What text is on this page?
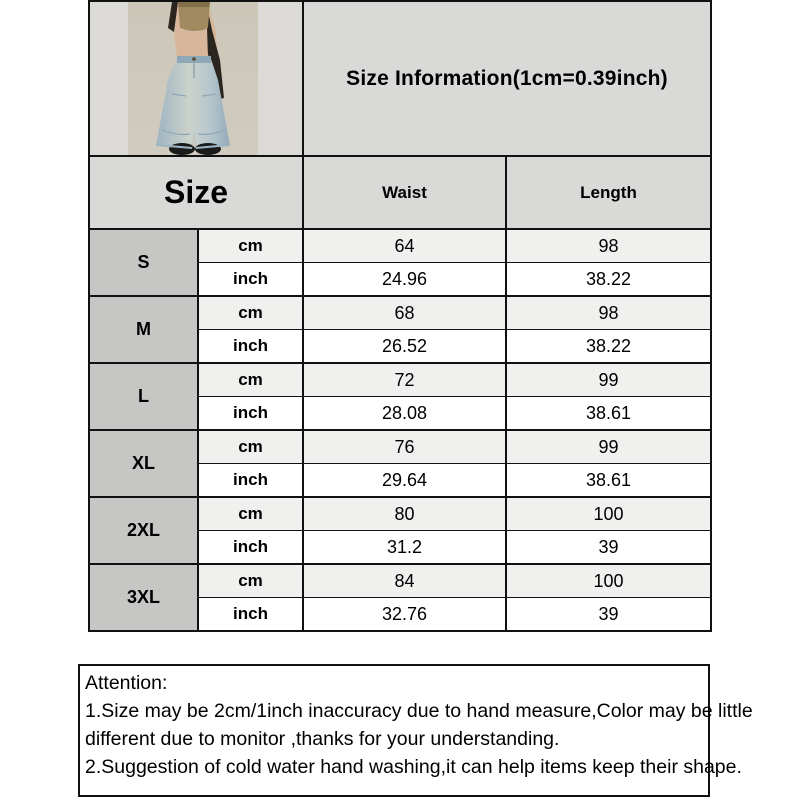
Size Information(1cm=0.39inch)	

Size		Waist	Length
S	cm	64	98
	inch	24.96	38.22
M	cm	68	98
	inch	26.52	38.22
L	cm	72	99
	inch	28.08	38.61
XL	cm	76	99
	inch	29.64	38.61
2XL	cm	80	100
	inch	31.2	39
3XL	cm	84	100
	inch	32.76	39
Attention:
1.Size may be 2cm/1inch inaccuracy due to hand measure,Color may be little
different due to monitor ,thanks for your understanding.
2.Suggestion of cold water hand washing,it can help items keep their shape.
